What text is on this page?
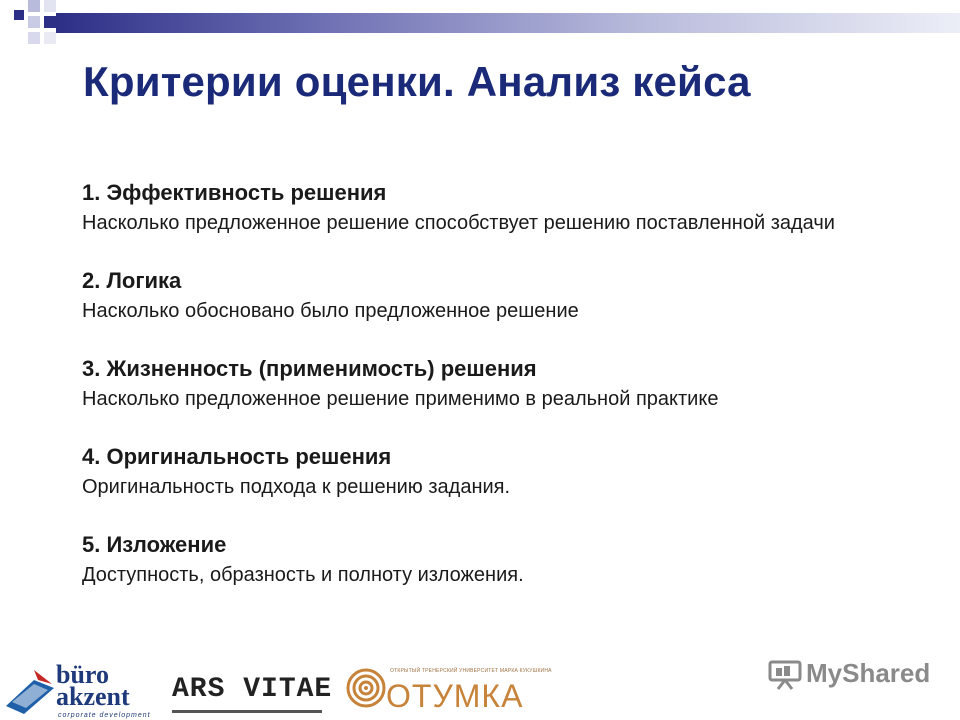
Критерии оценки. Анализ кейса
1. Эффективность решения
Насколько предложенное решение способствует решению поставленной задачи
2. Логика
Насколько обосновано было предложенное решение
3. Жизненность (применимость) решения
Насколько предложенное решение применимо в реальной практике
4. Оригинальность решения
Оригинальность подхода к решению задания.
5. Изложение
Доступность, образность и полноту изложения.
büro
akzent
corporate development
ARS VITAE
ОТКРЫТЫЙ ТРЕНЕРСКИЙ УНИВЕРСИТЕТ МАРКА КУКУШКИНА
ОТУМКА
MyShared
